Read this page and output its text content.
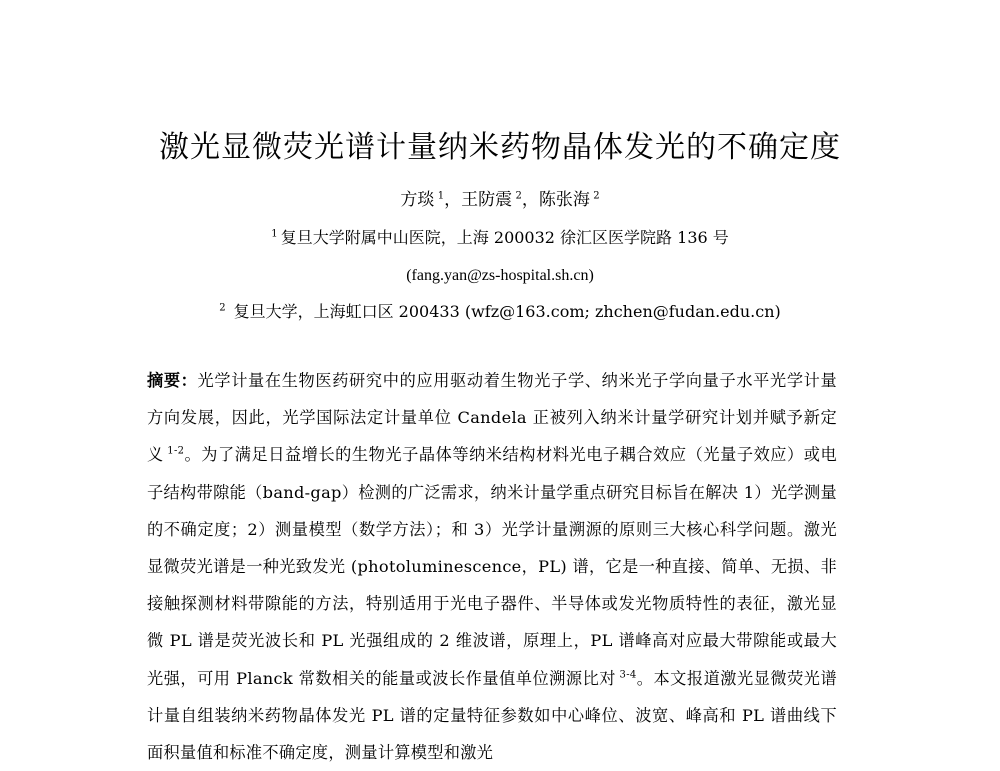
激光显微荧光谱计量纳米药物晶体发光的不确定度
方琰  $^1$，王防震  $^2$，陈张海  $^2$
$^1$  复旦大学附属中山医院，上海 200032 徐汇区医学院路 136 号
(fang.yan@zs-hospital.sh.cn)
$^2$  复旦大学，上海虹口区 200433 (wfz@163.com; zhchen@fudan.edu.cn)
摘要：光学计量在生物医药研究中的应用驱动着生物光子学、纳米光子学向量子水平光学计量方向发展，因此，光学国际法定计量单位 Candela 正被列入纳米计量学研究计划并赋予新定义  $^{1-2}$。为了满足日益增长的生物光子晶体等纳米结构材料光电子耦合效应（光量子效应）或电子结构带隙能（band-gap）检测的广泛需求，纳米计量学重点研究目标旨在解决 1）光学测量的不确定度；2）测量模型（数学方法）；和 3）光学计量溯源的原则三大核心科学问题。激光显微荧光谱是一种光致发光 (photoluminescence，PL) 谱，它是一种直接、简单、无损、非接触探测材料带隙能的方法，特别适用于光电子器件、半导体或发光物质特性的表征，激光显微 PL 谱是荧光波长和 PL 光强组成的 2 维波谱，原理上，PL 谱峰高对应最大带隙能或最大光强，可用 Planck 常数相关的能量或波长作量值单位溯源比对  $^{3-4}$。本文报道激光显微荧光谱计量自组装纳米药物晶体发光 PL 谱的定量特征参数如中心峰位、波宽、峰高和 PL 谱曲线下面积量值和标准不确定度，测量计算模型和激光
